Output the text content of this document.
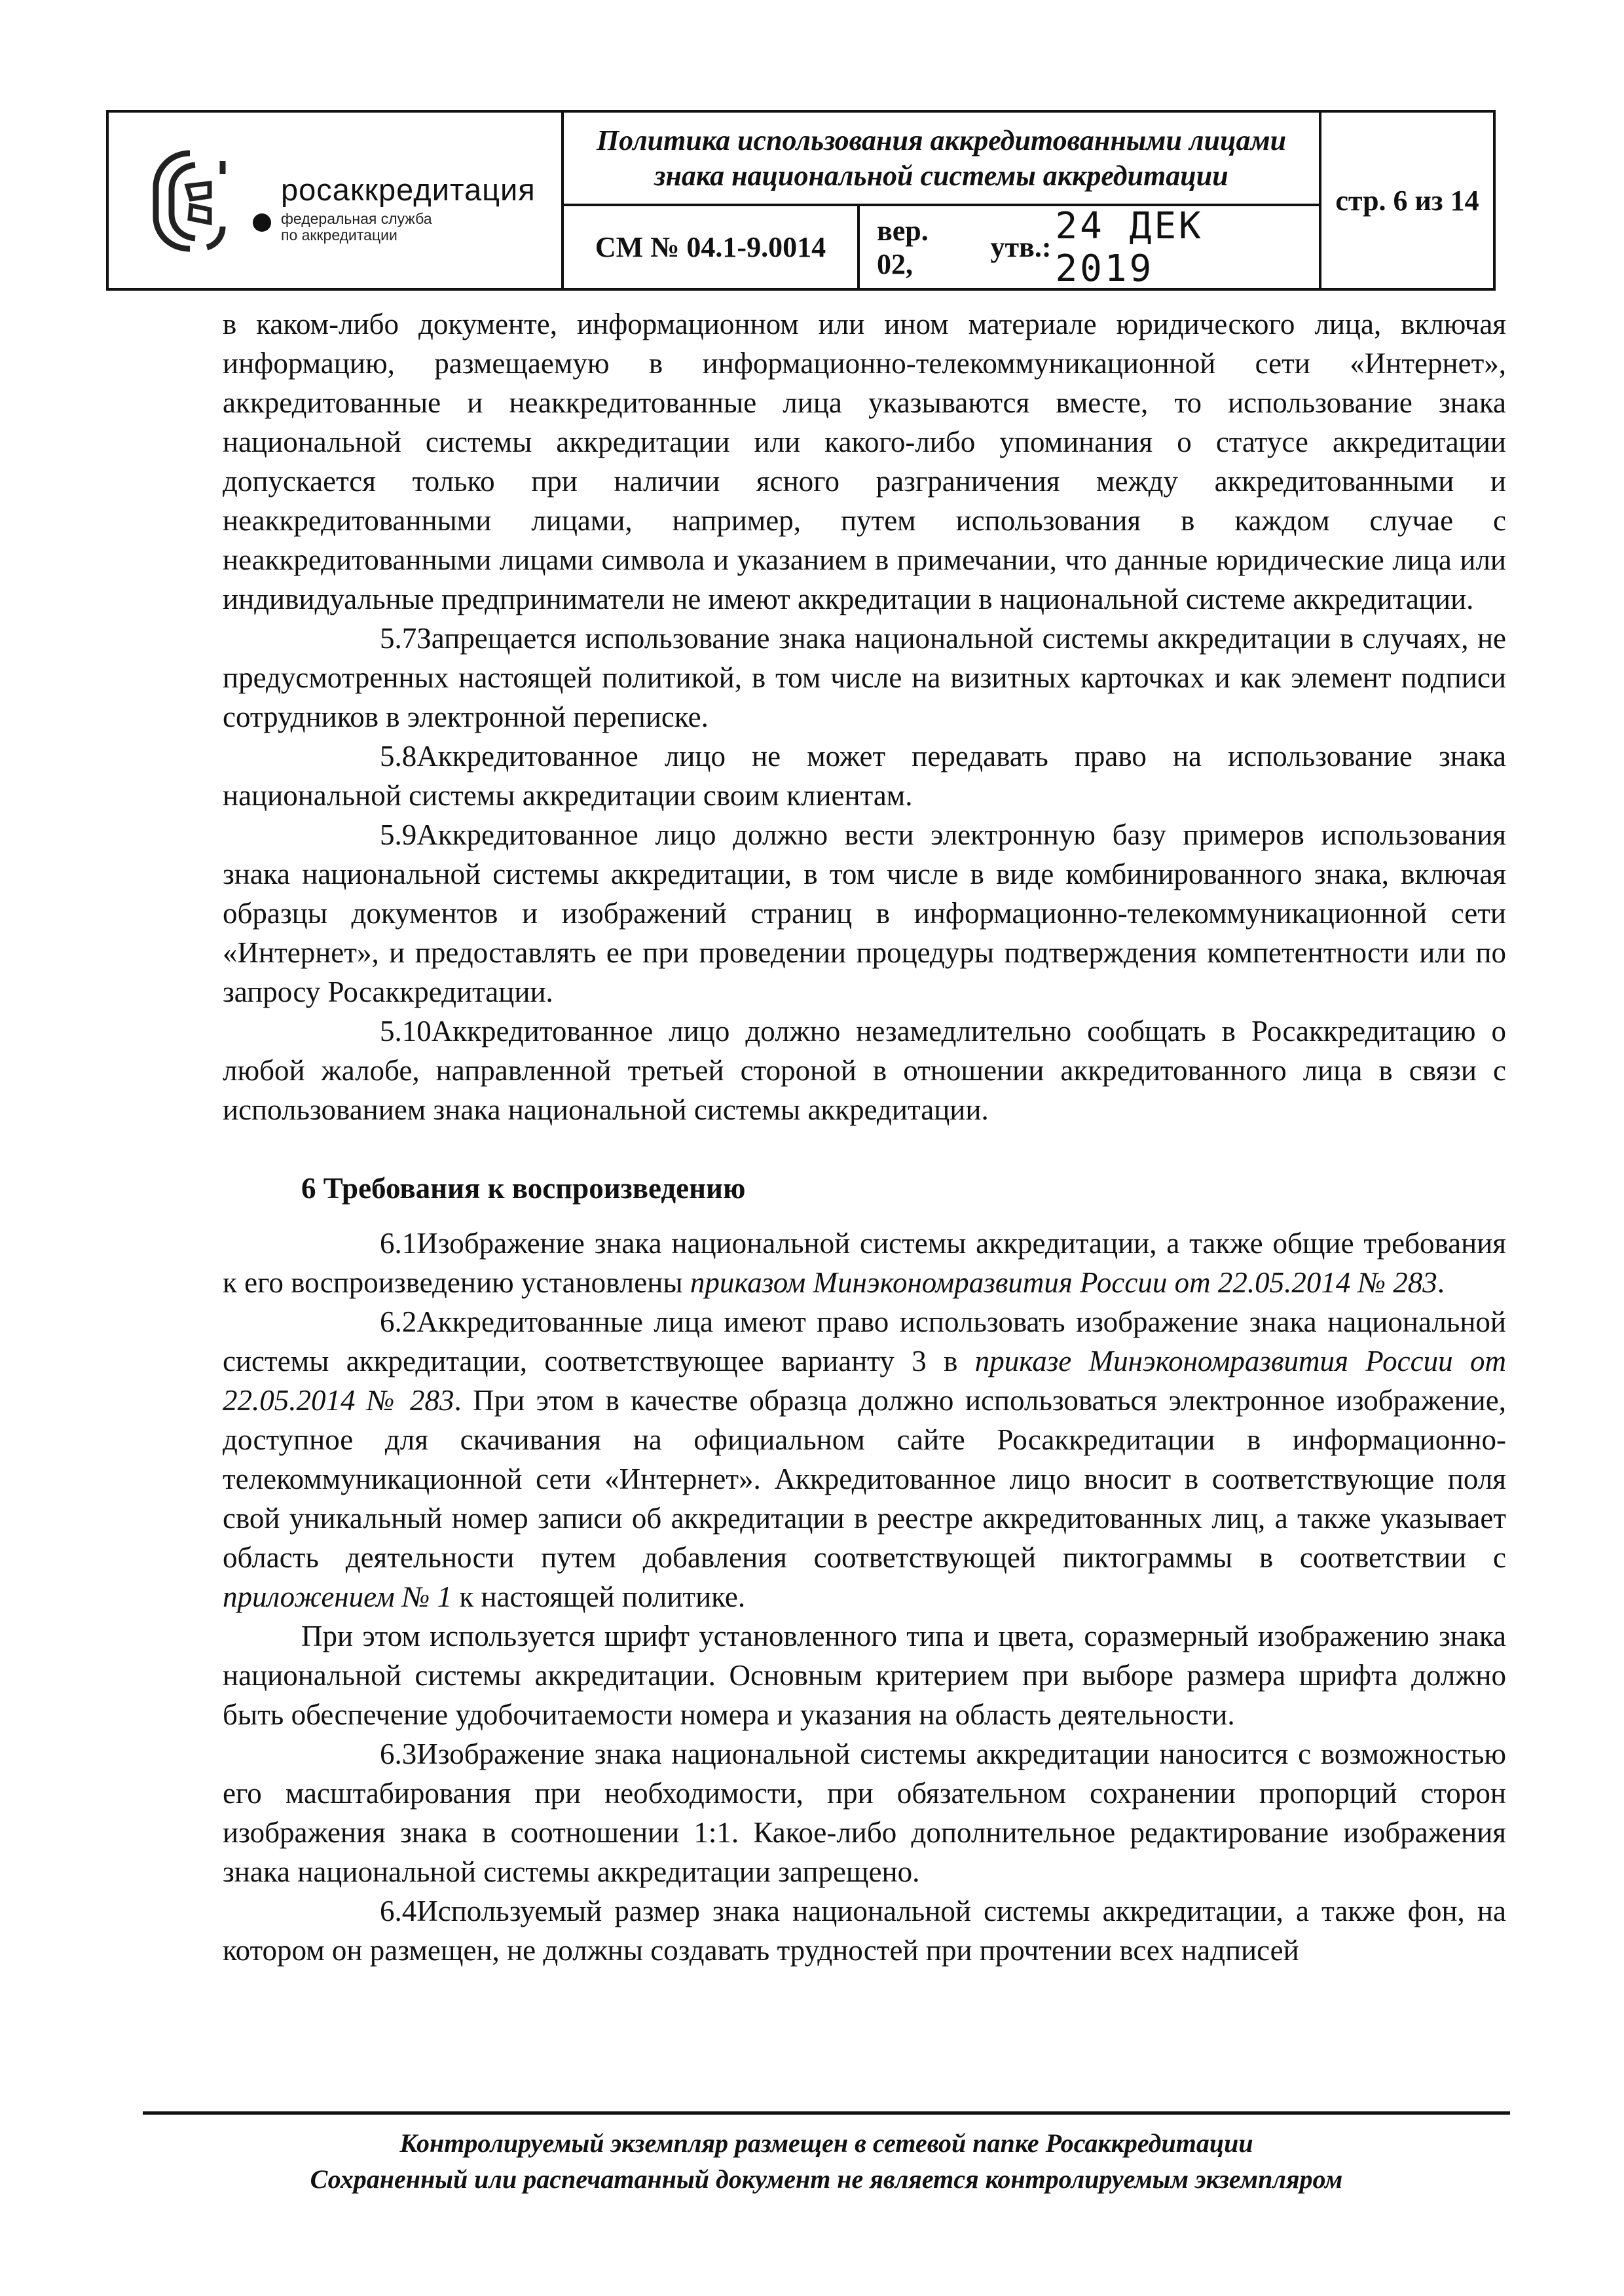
росаккредитация
федеральная служба
по аккредитации
Политика использования аккредитованными лицами
знака национальной системы аккредитации
СМ № 04.1-9.0014
вер. 02,
утв.: 24 ДЕК 2019
стр. 6 из 14

в каком-либо документе, информационном или ином материале юридического лица, включая информацию, размещаемую в информационно-телекоммуникационной сети «Интернет», аккредитованные и неаккредитованные лица указываются вместе, то использование знака национальной системы аккредитации или какого-либо упоминания о статусе аккредитации допускается только при наличии ясного разграничения между аккредитованными и неаккредитованными лицами, например, путем использования в каждом случае с неаккредитованными лицами символа и указанием в примечании, что данные юридические лица или индивидуальные предприниматели не имеют аккредитации в национальной системе аккредитации.

5.7Запрещается использование знака национальной системы аккредитации в случаях, не предусмотренных настоящей политикой, в том числе на визитных карточках и как элемент подписи сотрудников в электронной переписке.

5.8Аккредитованное лицо не может передавать право на использование знака национальной системы аккредитации своим клиентам.

5.9Аккредитованное лицо должно вести электронную базу примеров использования знака национальной системы аккредитации, в том числе в виде комбинированного знака, включая образцы документов и изображений страниц в информационно-телекоммуникационной сети «Интернет», и предоставлять ее при проведении процедуры подтверждения компетентности или по запросу Росаккредитации.

5.10Аккредитованное лицо должно незамедлительно сообщать в Росаккредитацию о любой жалобе, направленной третьей стороной в отношении аккредитованного лица в связи с использованием знака национальной системы аккредитации.

6 Требования к воспроизведению

6.1Изображение знака национальной системы аккредитации, а также общие требования к его воспроизведению установлены приказом Минэкономразвития России от 22.05.2014 № 283.

6.2Аккредитованные лица имеют право использовать изображение знака национальной системы аккредитации, соответствующее варианту 3 в приказе Минэкономразвития России от 22.05.2014 № 283. При этом в качестве образца должно использоваться электронное изображение, доступное для скачивания на официальном сайте Росаккредитации в информационно-телекоммуникационной сети «Интернет». Аккредитованное лицо вносит в соответствующие поля свой уникальный номер записи об аккредитации в реестре аккредитованных лиц, а также указывает область деятельности путем добавления соответствующей пиктограммы в соответствии с приложением № 1 к настоящей политике.

При этом используется шрифт установленного типа и цвета, соразмерный изображению знака национальной системы аккредитации. Основным критерием при выборе размера шрифта должно быть обеспечение удобочитаемости номера и указания на область деятельности.

6.3Изображение знака национальной системы аккредитации наносится с возможностью его масштабирования при необходимости, при обязательном сохранении пропорций сторон изображения знака в соотношении 1:1. Какое-либо дополнительное редактирование изображения знака национальной системы аккредитации запрещено.

6.4Используемый размер знака национальной системы аккредитации, а также фон, на котором он размещен, не должны создавать трудностей при прочтении всех надписей

Контролируемый экземпляр размещен в сетевой папке Росаккредитации
Сохраненный или распечатанный документ не является контролируемым экземпляром
